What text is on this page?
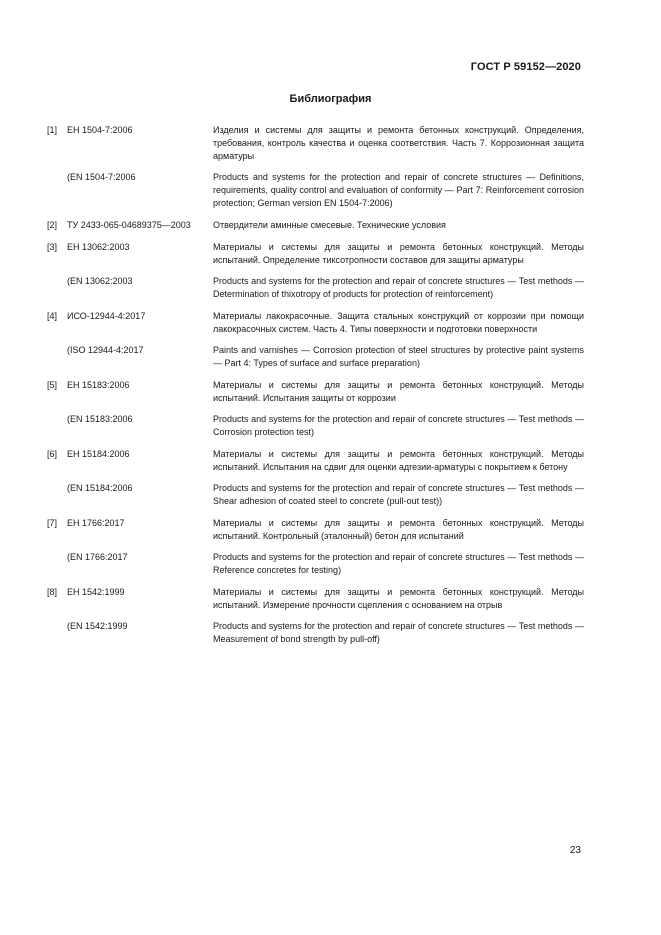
ГОСТ Р 59152—2020
Библиография
[1]	ЕН 1504-7:2006	Изделия и системы для защиты и ремонта бетонных конструкций. Определения, требования, контроль качества и оценка соответствия. Часть 7. Коррозионная защита арматуры
(EN 1504-7:2006	Products and systems for the protection and repair of concrete structures — Definitions, requirements, quality control and evaluation of conformity — Part 7: Reinforcement corrosion protection; German version EN 1504-7:2006)
[2]	ТУ 2433-065-04689375—2003	Отвердители аминные смесевые. Технические условия
[3]	ЕН 13062:2003	Материалы и системы для защиты и ремонта бетонных конструкций. Методы испытаний. Определение тиксотропности составов для защиты арматуры
(EN 13062:2003	Products and systems for the protection and repair of concrete structures — Test methods — Determination of thixotropy of products for protection of reinforcement)
[4]	ИСО-12944-4:2017	Материалы лакокрасочные. Защита стальных конструкций от коррозии при помощи лакокрасочных систем. Часть 4. Типы поверхности и подготовки поверхности
(ISO 12944-4:2017	Paints and varnishes — Corrosion protection of steel structures by protective paint systems — Part 4: Types of surface and surface preparation)
[5]	ЕН 15183:2006	Материалы и системы для защиты и ремонта бетонных конструкций. Методы испытаний. Испытания защиты от коррозии
(EN 15183:2006	Products and systems for the protection and repair of concrete structures — Test methods — Corrosion protection test)
[6]	ЕН 15184:2006	Материалы и системы для защиты и ремонта бетонных конструкций. Методы испытаний. Испытания на сдвиг для оценки адгезии-арматуры с покрытием к бетону
(EN 15184:2006	Products and systems for the protection and repair of concrete structures — Test methods — Shear adhesion of coated steel to concrete (pull-out test))
[7]	ЕН 1766:2017	Материалы и системы для защиты и ремонта бетонных конструкций. Методы испытаний. Контрольный (эталонный) бетон для испытаний
(EN 1766:2017	Products and systems for the protection and repair of concrete structures — Test methods — Reference concretes for testing)
[8]	ЕН 1542:1999	Материалы и системы для защиты и ремонта бетонных конструкций. Методы испытаний. Измерение прочности сцепления с основанием на отрыв
(EN 1542:1999	Products and systems for the protection and repair of concrete structures — Test methods — Measurement of bond strength by pull-off)
23
